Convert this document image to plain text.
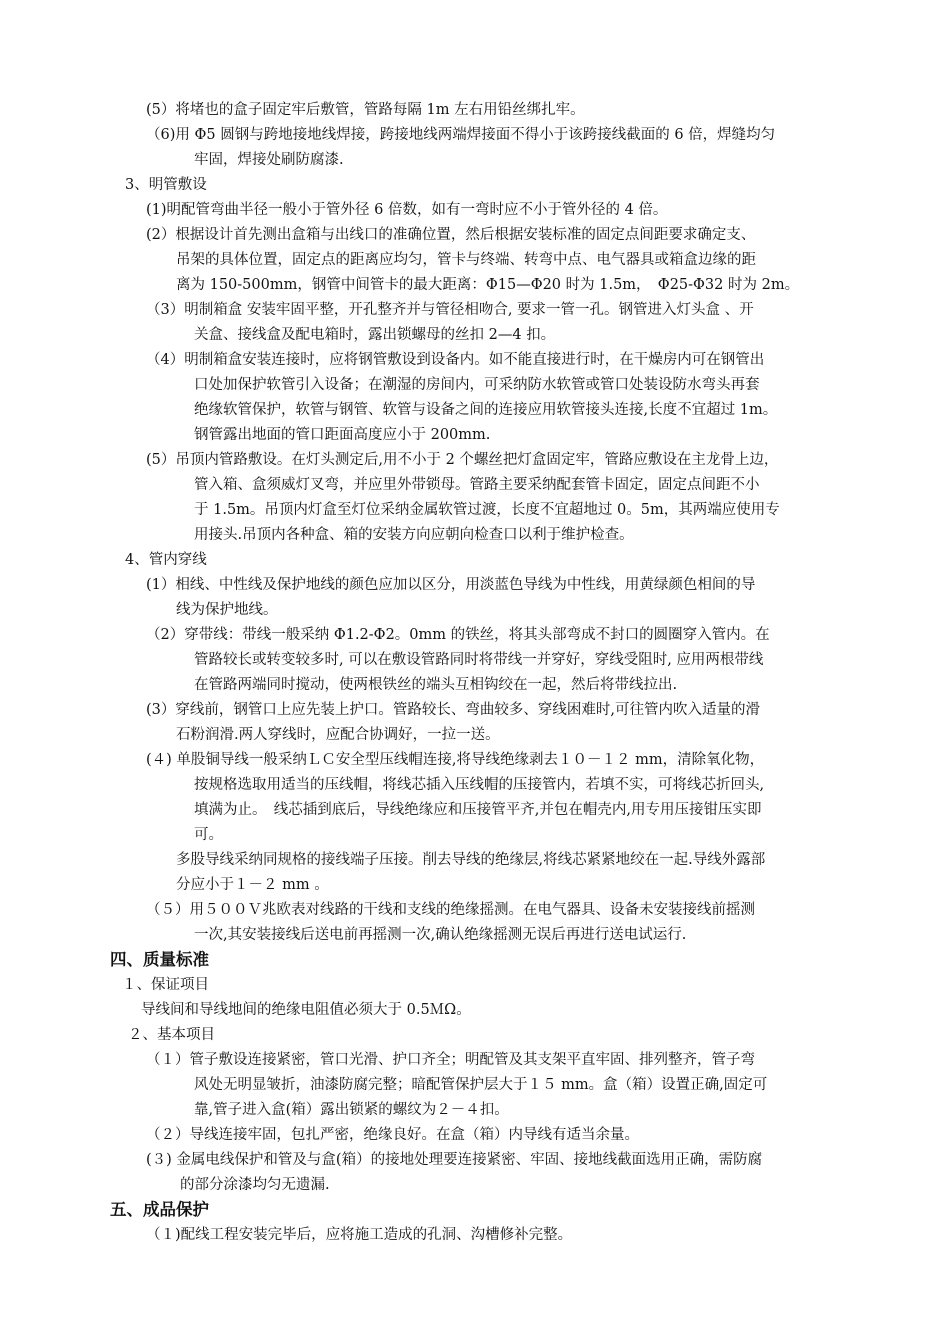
(5）将堵也的盒子固定牢后敷管，管路每隔 1m 左右用铅丝绑扎牢。
（6)用 Φ5 圆钢与跨地接地线焊接，跨接地线两端焊接面不得小于该跨接线截面的 6 倍，焊缝均匀
牢固，焊接处刷防腐漆.
3、明管敷设
(1)明配管弯曲半径一般小于管外径 6 倍数，如有一弯时应不小于管外径的 4 倍。
(2）根据设计首先测出盒箱与出线口的准确位置，然后根据安装标准的固定点间距要求确定支、
吊架的具体位置，固定点的距离应均匀，管卡与终端、转弯中点、电气器具或箱盒边缘的距
离为 150-500mm，钢管中间管卡的最大距离：Φ15—Φ20 时为 1.5m，　Φ25-Φ32 时为 2m。
（3）明制箱盒 安装牢固平整，开孔整齐并与管径相吻合, 要求一管一孔。钢管进入灯头盒 、开
关盒、接线盒及配电箱时，露出锁螺母的丝扣 2—4 扣。
（4）明制箱盒安装连接时，应将钢管敷设到设备内。如不能直接进行时，在干燥房内可在钢管出
口处加保护软管引入设备；在潮湿的房间内，可采纳防水软管或管口处装设防水弯头再套
绝缘软管保护，软管与钢管、软管与设备之间的连接应用软管接头连接,长度不宜超过 1m。
钢管露出地面的管口距面高度应小于 200mm.
(5）吊顶内管路敷设。在灯头测定后,用不小于 2 个螺丝把灯盒固定牢，管路应敷设在主龙骨上边，
管入箱、盒须威灯叉弯，并应里外带锁母。管路主要采纳配套管卡固定，固定点间距不小
于 1.5m。吊顶内灯盒至灯位采纳金属软管过渡，长度不宜超地过 0。5m，其两端应使用专
用接头.吊顶内各种盒、箱的安装方向应朝向检查口以利于维护检查。
4、管内穿线
(1）相线、中性线及保护地线的颜色应加以区分，用淡蓝色导线为中性线，用黄绿颜色相间的导
线为保护地线。
（2）穿带线：带线一般采纳 Φ1.2-Φ2。0mm 的铁丝，将其头部弯成不封口的圆圈穿入管内。在
管路较长或转变较多时, 可以在敷设管路同时将带线一并穿好，穿线受阻时, 应用两根带线
在管路两端同时搅动，使两根铁丝的端头互相钩绞在一起，然后将带线拉出.
(3）穿线前，钢管口上应先装上护口。管路较长、弯曲较多、穿线困难时,可往管内吹入适量的滑
石粉润滑.两人穿线时，应配合协调好，一拉一送。
(４) 单股铜导线一般采纳ＬＣ安全型压线帽连接,将导线绝缘剥去１０－１２ mm，清除氧化物，
按规格选取用适当的压线帽，将线芯插入压线帽的压接管内，若填不实，可将线芯折回头,
填满为止。　线芯插到底后，导线绝缘应和压接管平齐,并包在帽壳内,用专用压接钳压实即
可。
多股导线采纳同规格的接线端子压接。削去导线的绝缘层,将线芯紧紧地绞在一起.导线外露部
分应小于１－２ mm 。
（５）用５００Ｖ兆欧表对线路的干线和支线的绝缘摇测。在电气器具、设备未安装接线前摇测
一次,其安装接线后送电前再摇测一次,确认绝缘摇测无误后再进行送电试运行.
四、质量标准
１、保证项目
导线间和导线地间的绝缘电阻值必须大于 0.5ＭΩ。
２、基本项目
（１）管子敷设连接紧密，管口光滑、护口齐全；明配管及其支架平直牢固、排列整齐，管子弯
风处无明显皱折，油漆防腐完整；暗配管保护层大于１５ mm。盒（箱）设置正确,固定可
靠,管子进入盒(箱）露出锁紧的螺纹为２－４扣。
（２）导线连接牢固，包扎严密，绝缘良好。在盒（箱）内导线有适当余量。
(３) 金属电线保护和管及与盒(箱）的接地处理要连接紧密、牢固、接地线截面选用正确，需防腐
的部分涂漆均匀无遗漏.
五、成品保护
（１)配线工程安装完毕后，应将施工造成的孔洞、沟槽修补完整。
